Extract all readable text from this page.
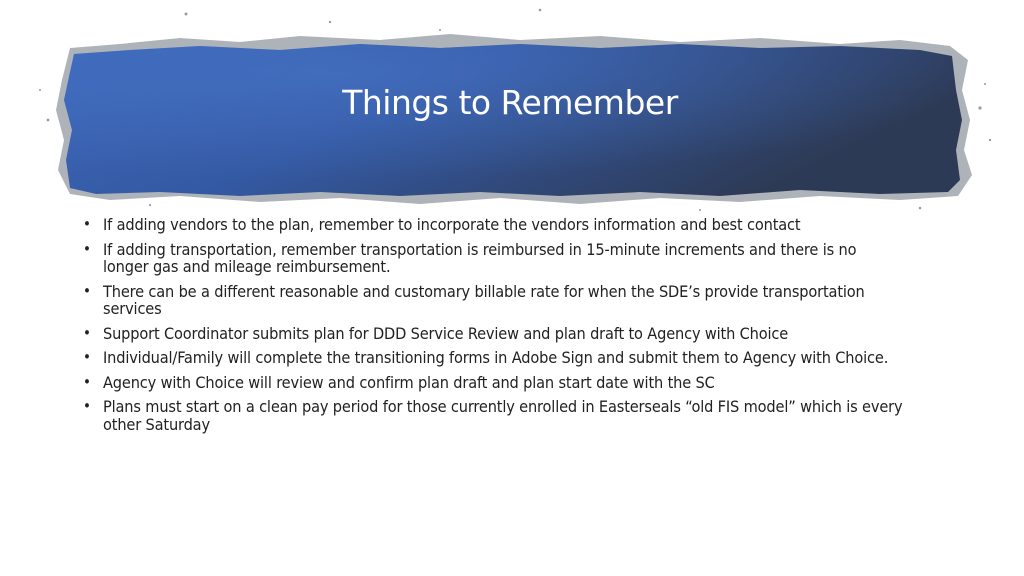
Things to Remember
• If adding vendors to the plan, remember to incorporate the vendors information and best contact
• If adding transportation, remember transportation is reimbursed in 15-minute increments and there is no longer gas and mileage reimbursement.
• There can be a different reasonable and customary billable rate for when the SDE’s provide transportation services
• Support Coordinator submits plan for DDD Service Review and plan draft to Agency with Choice
• Individual/Family will complete the transitioning forms in Adobe Sign and submit them to Agency with Choice.
• Agency with Choice will review and confirm plan draft and plan start date with the SC
• Plans must start on a clean pay period for those currently enrolled in Easterseals “old FIS model” which is every other Saturday
